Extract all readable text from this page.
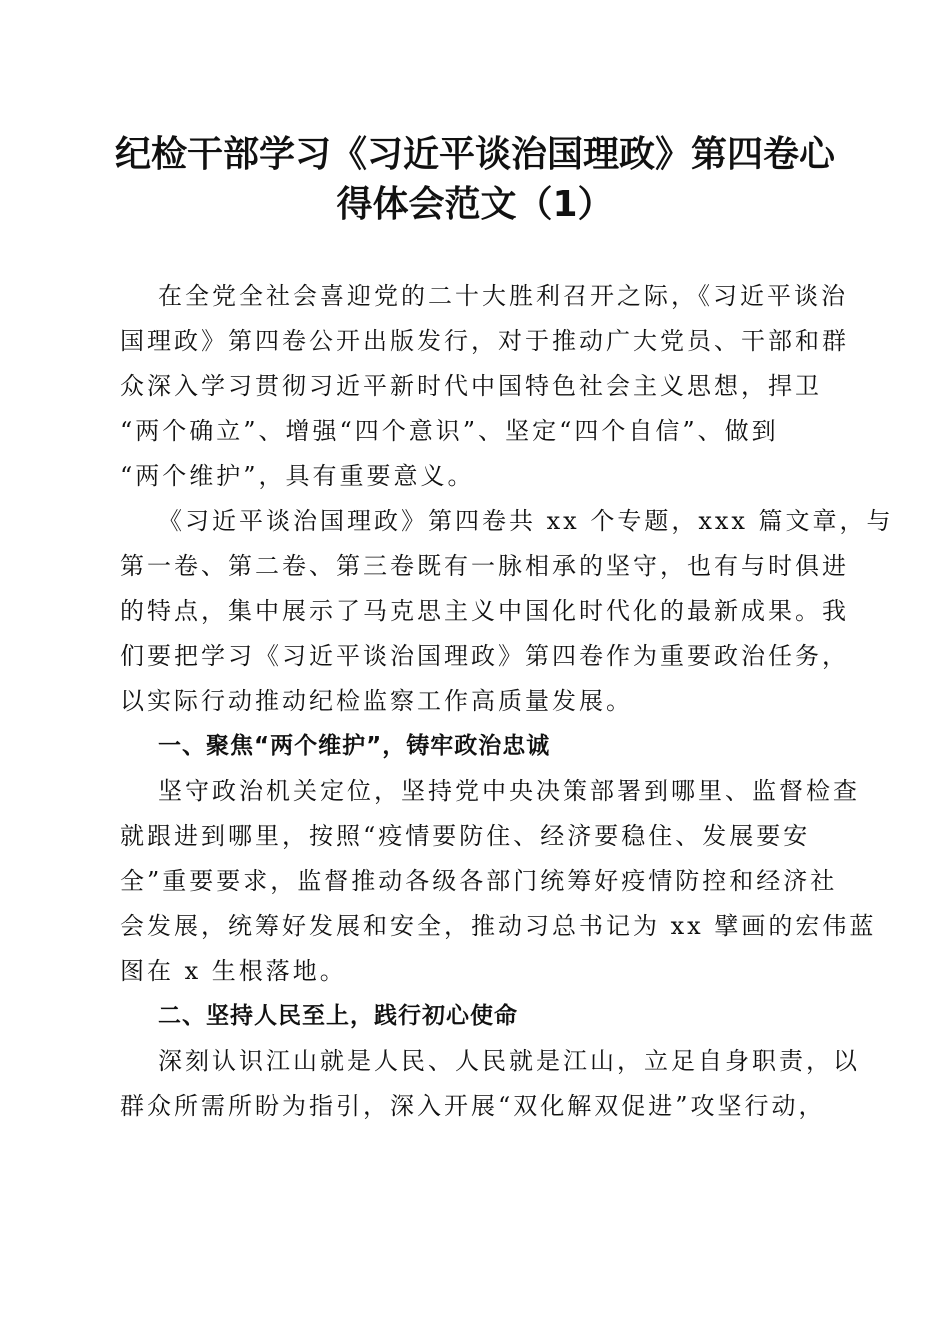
纪检干部学习《习近平谈治国理政》第四卷心
得体会范文（1）
在全党全社会喜迎党的二十大胜利召开之际，《习近平谈治
国理政》第四卷公开出版发行，对于推动广大党员、干部和群
众深入学习贯彻习近平新时代中国特色社会主义思想，捍卫
“两个确立”、增强“四个意识”、坚定“四个自信”、做到
“两个维护”，具有重要意义。
《习近平谈治国理政》第四卷共 xx 个专题，xxx 篇文章，与
第一卷、第二卷、第三卷既有一脉相承的坚守，也有与时俱进
的特点，集中展示了马克思主义中国化时代化的最新成果。我
们要把学习《习近平谈治国理政》第四卷作为重要政治任务，
以实际行动推动纪检监察工作高质量发展。
一、聚焦“两个维护”，铸牢政治忠诚
坚守政治机关定位，坚持党中央决策部署到哪里、监督检查
就跟进到哪里，按照“疫情要防住、经济要稳住、发展要安
全”重要要求，监督推动各级各部门统筹好疫情防控和经济社
会发展，统筹好发展和安全，推动习总书记为 xx 擘画的宏伟蓝
图在 x 生根落地。
二、坚持人民至上，践行初心使命
深刻认识江山就是人民、人民就是江山，立足自身职责，以
群众所需所盼为指引，深入开展“双化解双促进”攻坚行动，
